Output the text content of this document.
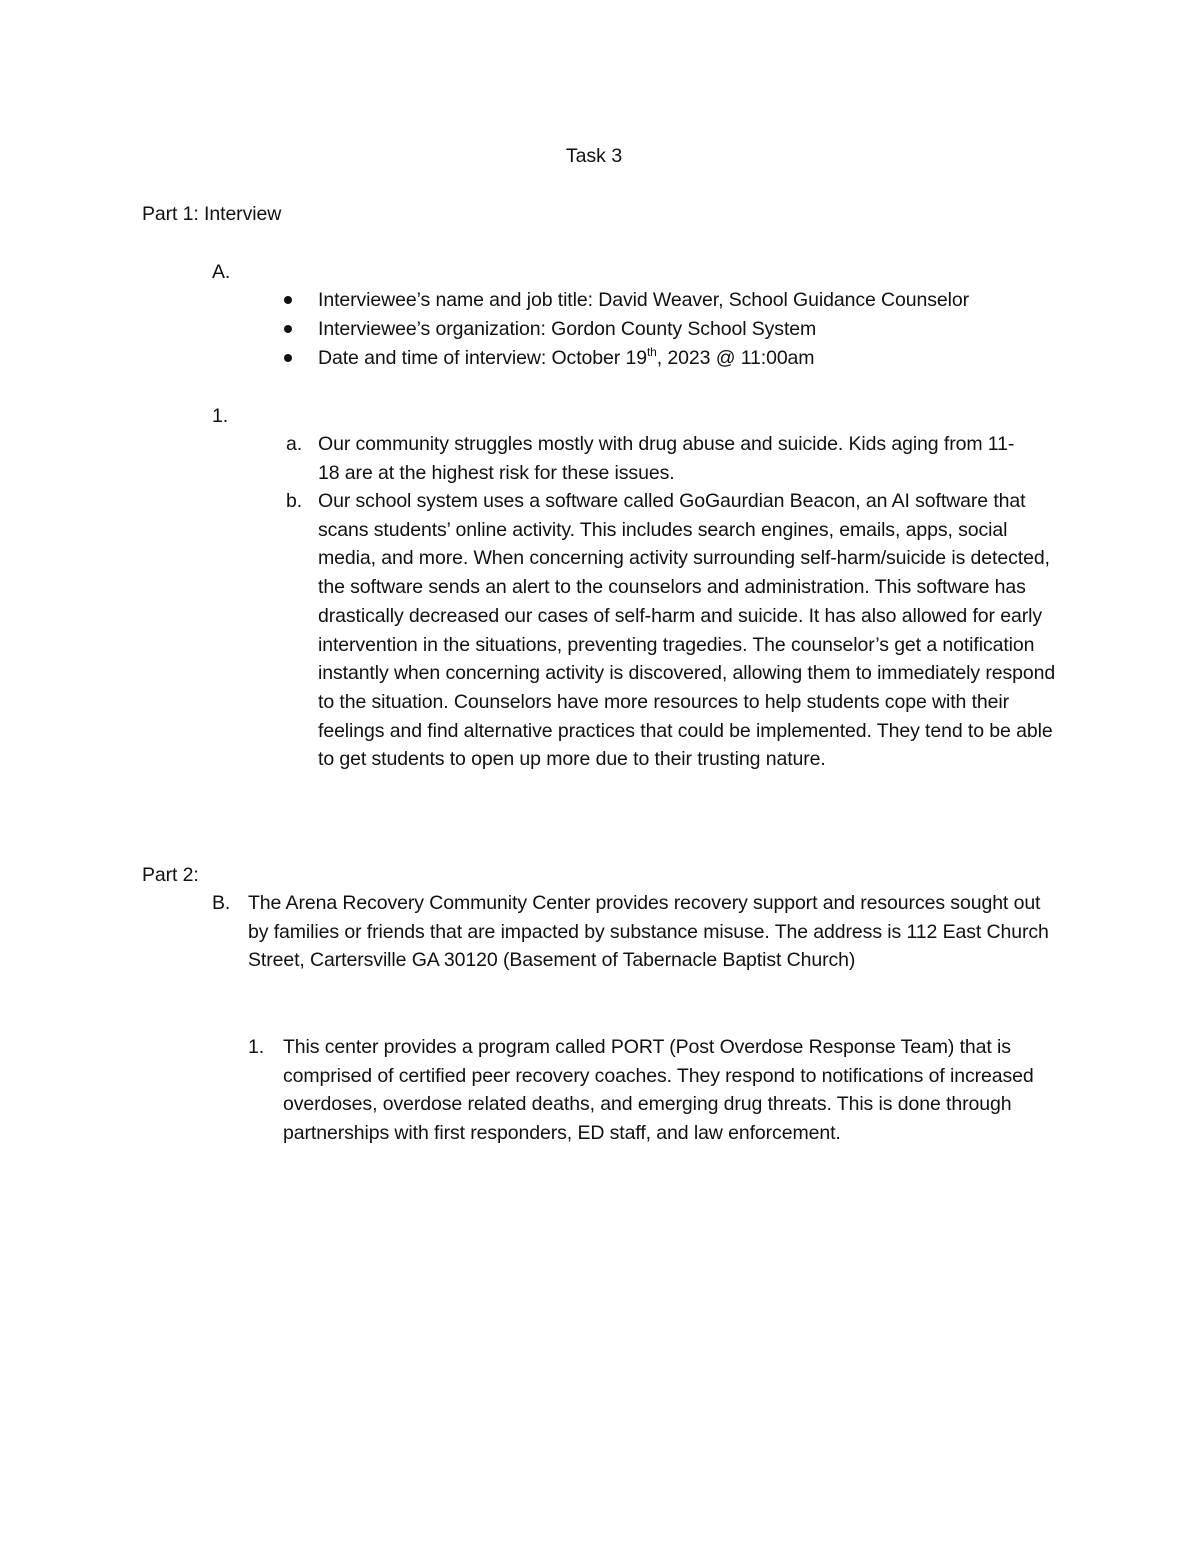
Task 3
Part 1: Interview
A.
Interviewee’s name and job title: David Weaver, School Guidance Counselor
Interviewee’s organization: Gordon County School System
Date and time of interview: October 19th, 2023 @ 11:00am
1.
a. Our community struggles mostly with drug abuse and suicide. Kids aging from 11-18 are at the highest risk for these issues.
b. Our school system uses a software called GoGaurdian Beacon, an AI software that scans students’ online activity. This includes search engines, emails, apps, social media, and more. When concerning activity surrounding self-harm/suicide is detected, the software sends an alert to the counselors and administration. This software has drastically decreased our cases of self-harm and suicide. It has also allowed for early intervention in the situations, preventing tragedies. The counselor’s get a notification instantly when concerning activity is discovered, allowing them to immediately respond to the situation. Counselors have more resources to help students cope with their feelings and find alternative practices that could be implemented. They tend to be able to get students to open up more due to their trusting nature.
Part 2:
B. The Arena Recovery Community Center provides recovery support and resources sought out by families or friends that are impacted by substance misuse. The address is 112 East Church Street, Cartersville GA 30120 (Basement of Tabernacle Baptist Church)
1. This center provides a program called PORT (Post Overdose Response Team) that is comprised of certified peer recovery coaches. They respond to notifications of increased overdoses, overdose related deaths, and emerging drug threats. This is done through partnerships with first responders, ED staff, and law enforcement.
